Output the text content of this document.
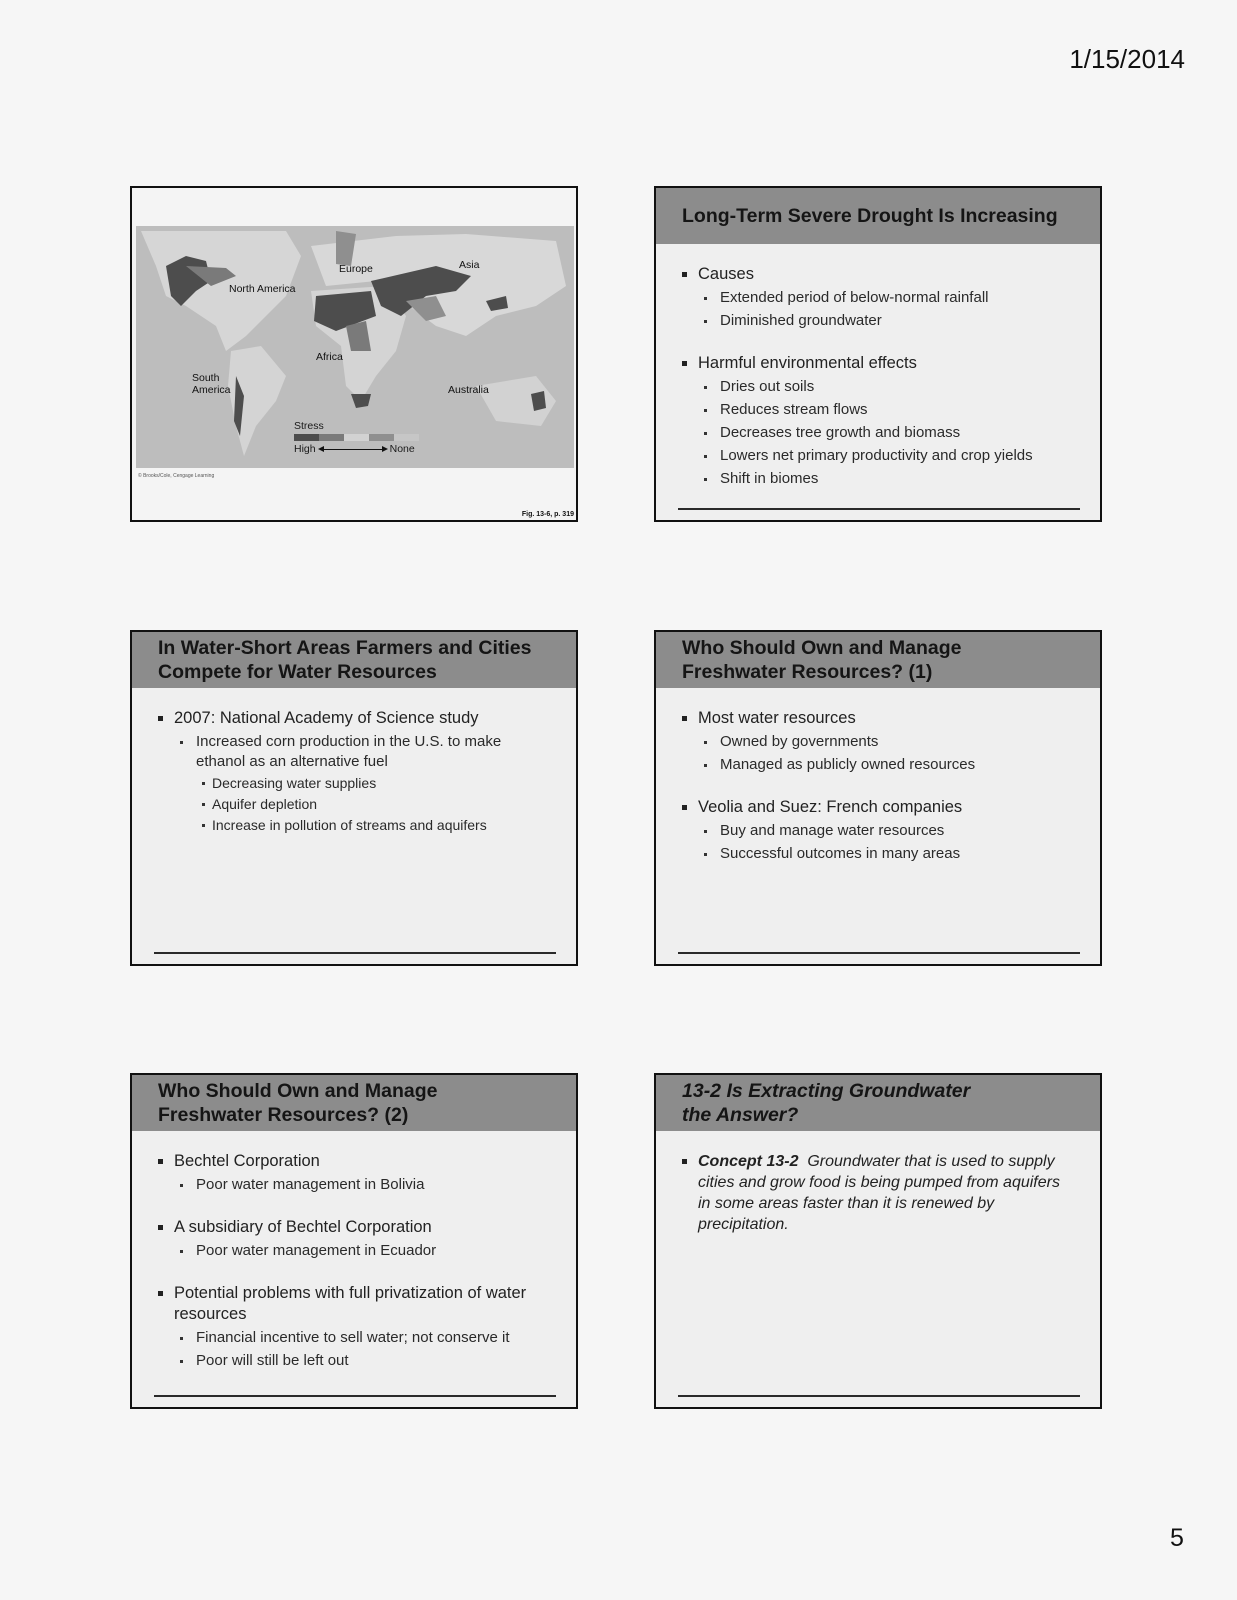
1/15/2014
North America
Europe	Asia
Africa
South America	Australia
Stress
High	None
© Brooks/Cole, Cengage Learning
Fig. 13-6, p. 319
Long-Term Severe Drought Is Increasing
Causes
Extended period of below-normal rainfall
Diminished groundwater
Harmful environmental effects
Dries out soils
Reduces stream flows
Decreases tree growth and biomass
Lowers net primary productivity and crop yields
Shift in biomes
In Water-Short Areas Farmers and Cities
Compete for Water Resources
2007: National Academy of Science study
Increased corn production in the U.S. to make ethanol as an alternative fuel
Decreasing water supplies
Aquifer depletion
Increase in pollution of streams and aquifers
Who Should Own and Manage
Freshwater Resources? (1)
Most water resources
Owned by governments
Managed as publicly owned resources
Veolia and Suez: French companies
Buy and manage water resources
Successful outcomes in many areas
Who Should Own and Manage
Freshwater Resources? (2)
Bechtel Corporation
Poor water management in Bolivia
A subsidiary of Bechtel Corporation
Poor water management in Ecuador
Potential problems with full privatization of water resources
Financial incentive to sell water; not conserve it
Poor will still be left out
13-2 Is Extracting Groundwater
the Answer?
Concept 13-2 Groundwater that is used to supply cities and grow food is being pumped from aquifers in some areas faster than it is renewed by precipitation.
5
